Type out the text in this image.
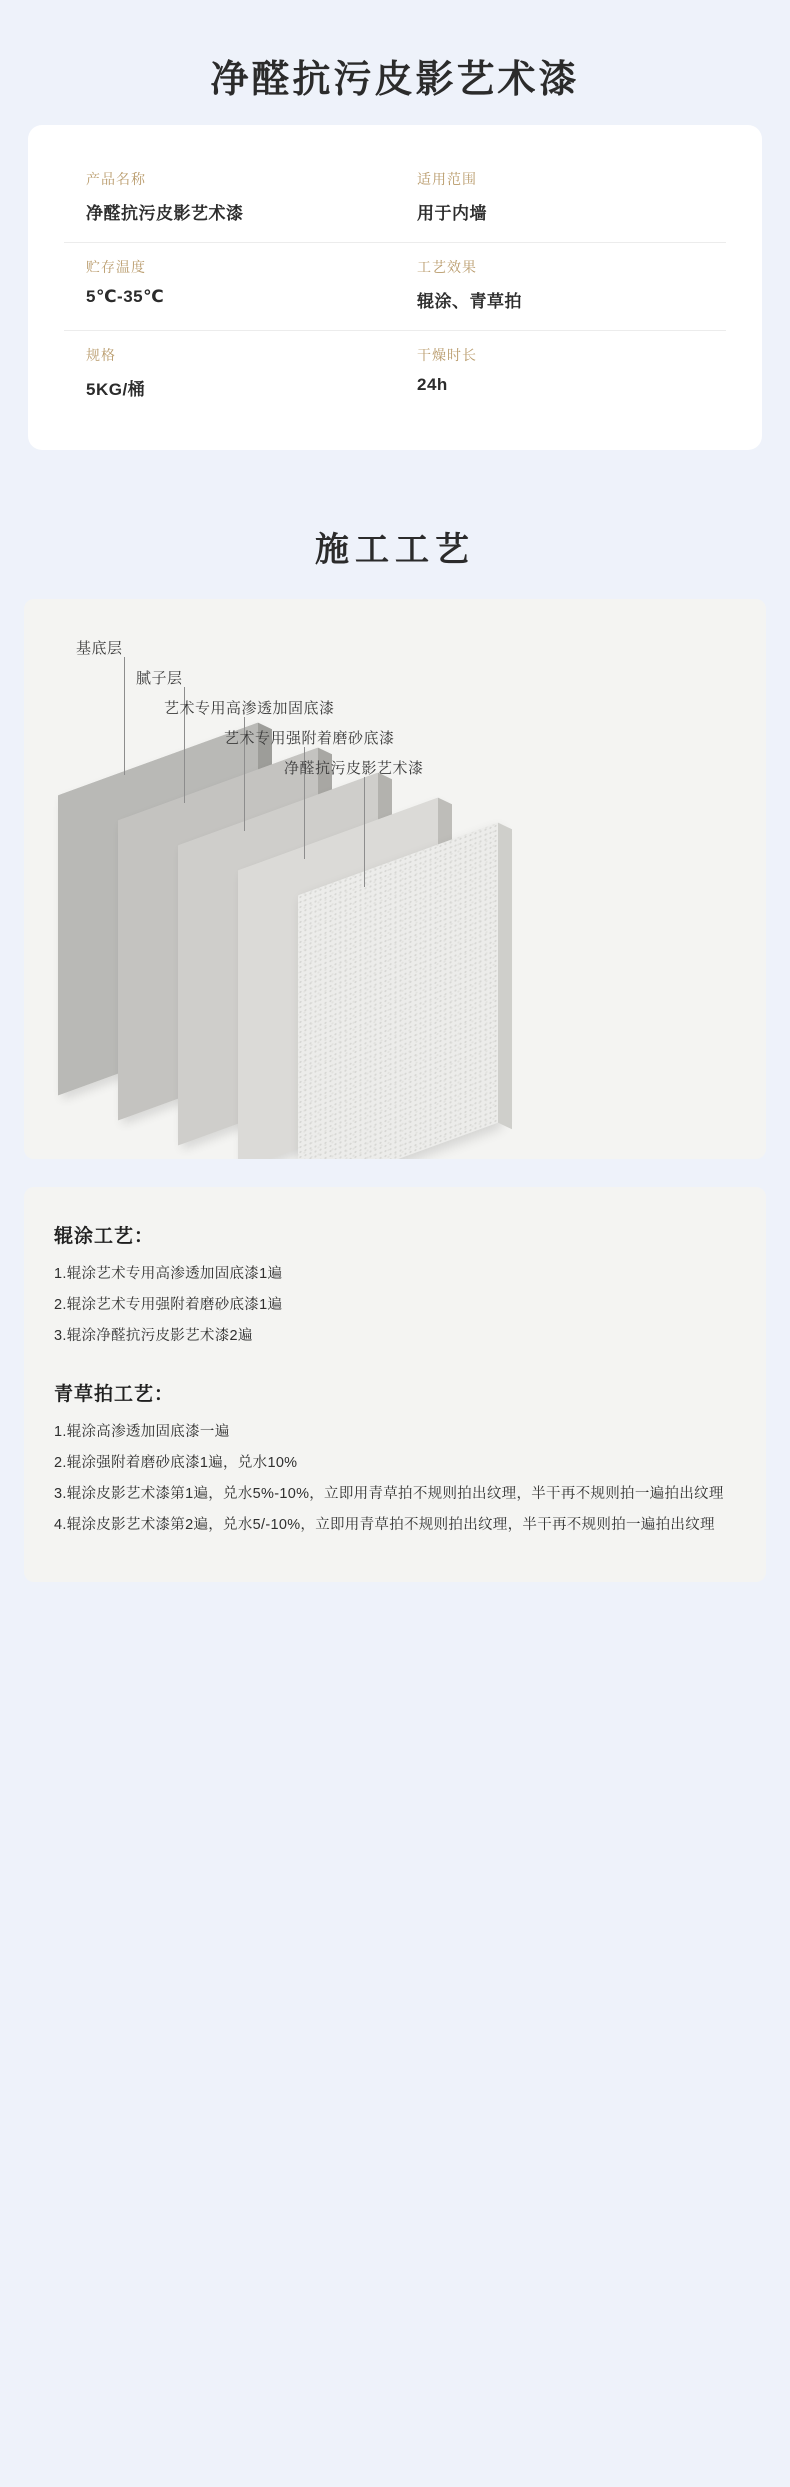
净醛抗污皮影艺术漆
产品名称
净醛抗污皮影艺术漆
适用范围
用于内墙
贮存温度
5℃-35℃
工艺效果
辊涂、青草拍
规格
5KG/桶
干燥时长
24h
施工工艺
基底层
腻子层
艺术专用高渗透加固底漆
艺术专用强附着磨砂底漆
净醛抗污皮影艺术漆
辊涂工艺：
1.辊涂艺术专用高渗透加固底漆1遍
2.辊涂艺术专用强附着磨砂底漆1遍
3.辊涂净醛抗污皮影艺术漆2遍
青草拍工艺：
1.辊涂高渗透加固底漆一遍
2.辊涂强附着磨砂底漆1遍，兑水10%
3.辊涂皮影艺术漆第1遍，兑水5%-10%，立即用青草拍不规则拍出纹理，半干再不规则拍一遍拍出纹理
4.辊涂皮影艺术漆第2遍，兑水5/-10%，立即用青草拍不规则拍出纹理，半干再不规则拍一遍拍出纹理
